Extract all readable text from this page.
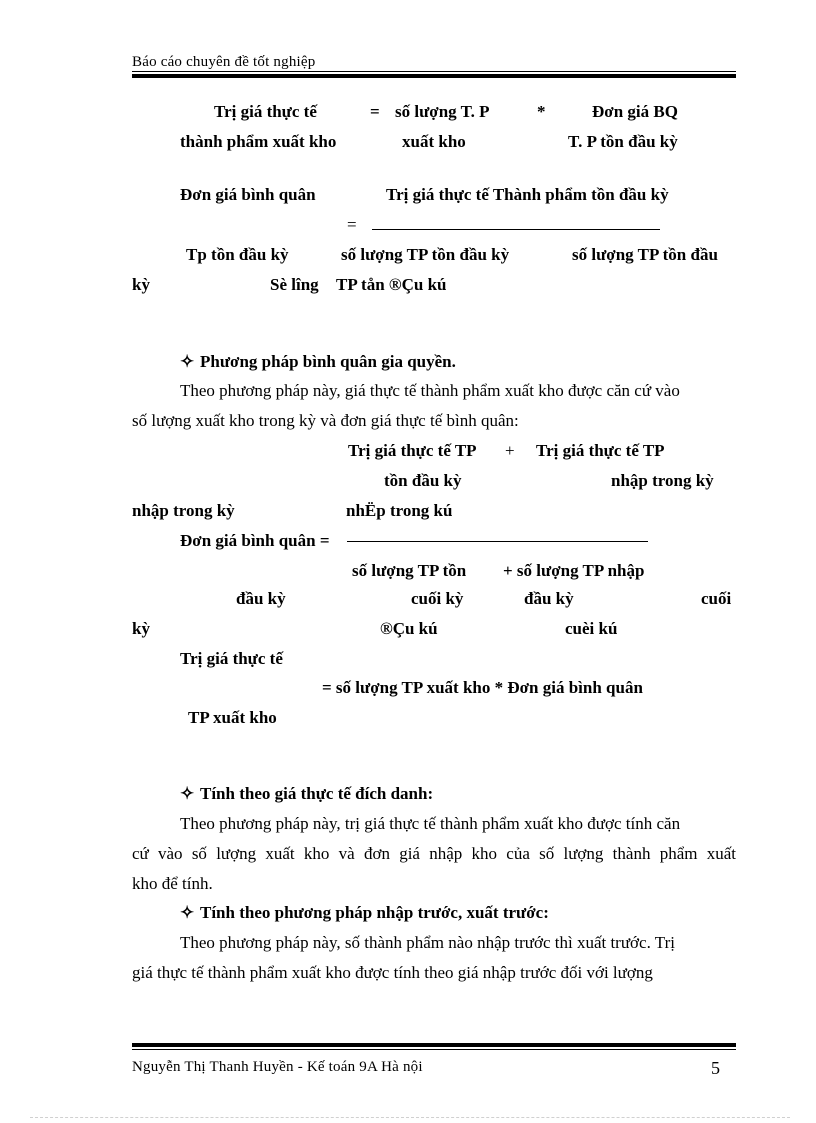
Báo cáo chuyên đề tốt nghiệp
Trị giá thực tế	= số lượng T. P	*	Đơn giá BQ
thành phẩm xuất kho	xuất kho	T. P tồn đầu kỳ
Đơn giá bình quân	Trị giá thực tế Thành phẩm tồn đầu kỳ
=
Tp tồn đầu kỳ	số lượng TP tồn đầu kỳ	số lượng TP tồn đầu
kỳ	Sè lîng TP tån ®Çu kú
✧ Phương pháp bình quân gia quyền.
Theo phương pháp này, giá thực tế thành phẩm xuất kho được căn cứ vào
số lượng xuất kho trong kỳ và đơn giá thực tế bình quân:
Trị giá thực tế TP + Trị giá thực tế TP
tồn đầu kỳ	nhập trong kỳ
nhập trong kỳ	nhËp trong kú
Đơn giá bình quân =
số lượng TP tồn + số lượng TP nhập
đầu kỳ	cuối kỳ	đầu kỳ	cuối
kỳ	®Çu kú	cuèi kú
Trị giá thực tế
= số lượng TP xuất kho * Đơn giá bình quân
TP xuất kho
✧ Tính theo giá thực tế đích danh:
Theo phương pháp này, trị giá thực tế thành phẩm xuất kho được tính căn
cứ vào số lượng xuất kho và đơn giá nhập kho của số lượng thành phẩm xuất
kho để tính.
✧ Tính theo phương pháp nhập trước, xuất trước:
Theo phương pháp này, số thành phẩm nào nhập trước thì xuất trước. Trị
giá thực tế thành phẩm xuất kho được tính theo giá nhập trước đối với lượng
Nguyễn Thị Thanh Huyền - Kế toán 9A Hà nội	5
